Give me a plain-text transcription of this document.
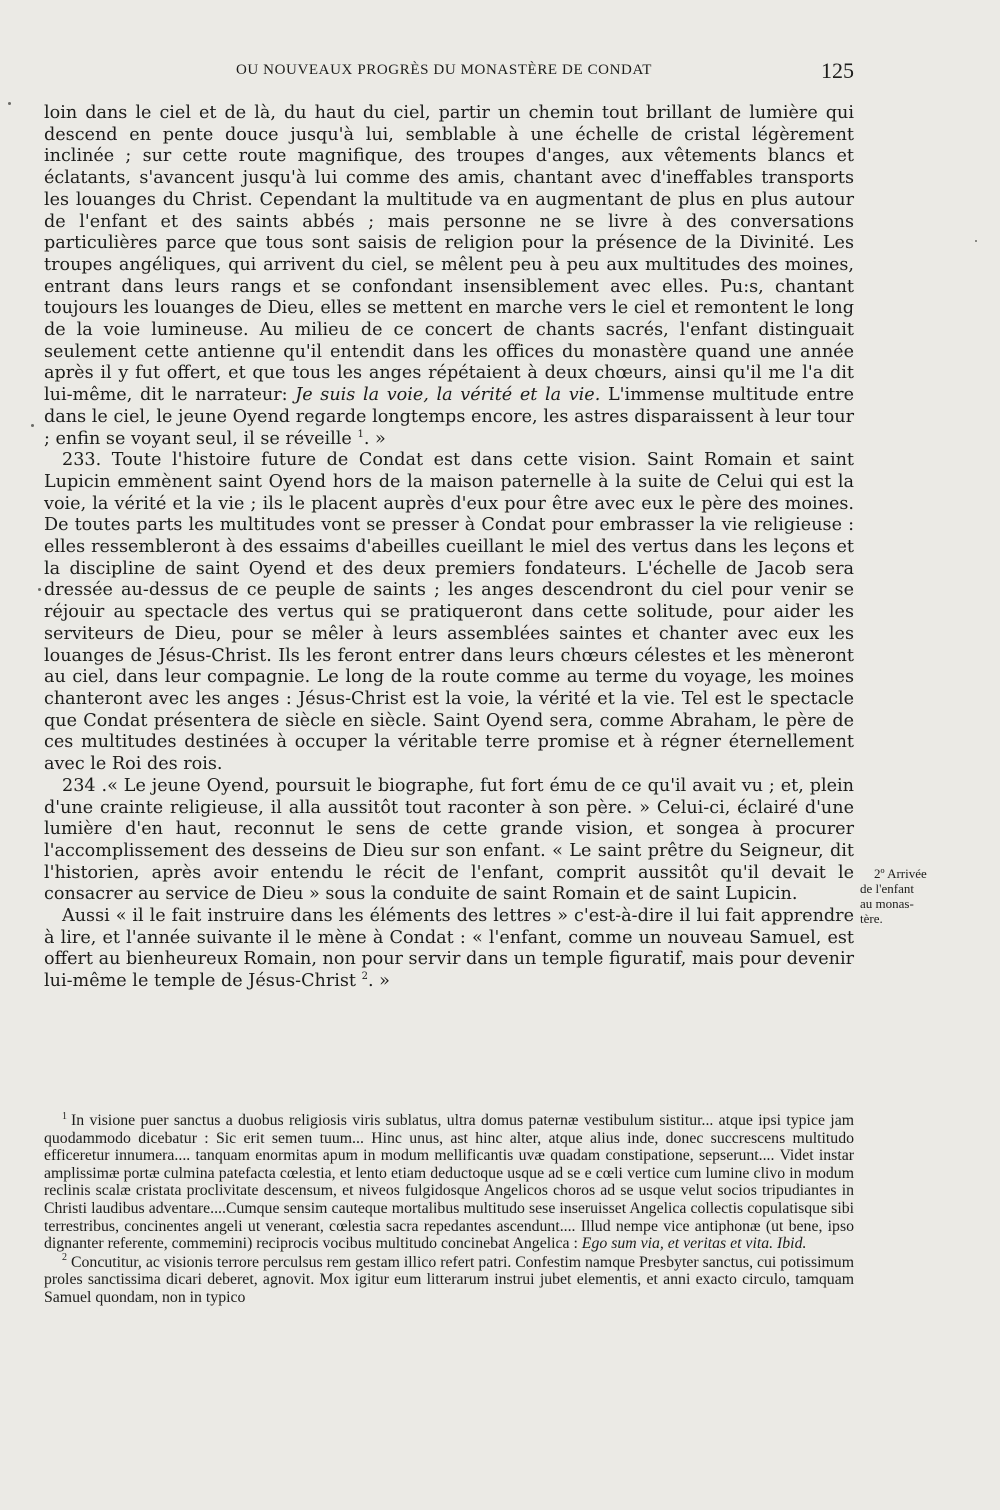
OU NOUVEAUX PROGRÈS DU MONASTÈRE DE CONDAT	125

loin dans le ciel et de là, du haut du ciel, partir un chemin tout brillant de lumière qui descend en pente douce jusqu'à lui, semblable à une échelle de cristal légèrement inclinée ; sur cette route magnifique, des troupes d'anges, aux vêtements blancs et éclatants, s'avancent jusqu'à lui comme des amis, chantant avec d'ineffables transports les louanges du Christ. Cependant la multitude va en augmentant de plus en plus autour de l'enfant et des saints abbés ; mais personne ne se livre à des conversations particulières parce que tous sont saisis de religion pour la présence de la Divinité. Les troupes angéliques, qui arrivent du ciel, se mêlent peu à peu aux multitudes des moines, entrant dans leurs rangs et se confondant insensiblement avec elles. Pu:s, chantant toujours les louanges de Dieu, elles se mettent en marche vers le ciel et remontent le long de la voie lumineuse. Au milieu de ce concert de chants sacrés, l'enfant distinguait seulement cette antienne qu'il entendit dans les offices du monastère quand une année après il y fut offert, et que tous les anges répétaient à deux chœurs, ainsi qu'il me l'a dit lui-même, dit le narrateur: Je suis la voie, la vérité et la vie. L'immense multitude entre dans le ciel, le jeune Oyend regarde longtemps encore, les astres disparaissent à leur tour ; enfin se voyant seul, il se réveille $^1$. »

233. Toute l'histoire future de Condat est dans cette vision. Saint Romain et saint Lupicin emmènent saint Oyend hors de la maison paternelle à la suite de Celui qui est la voie, la vérité et la vie ; ils le placent auprès d'eux pour être avec eux le père des moines. De toutes parts les multitudes vont se presser à Condat pour embrasser la vie religieuse : elles ressembleront à des essaims d'abeilles cueillant le miel des vertus dans les leçons et la discipline de saint Oyend et des deux premiers fondateurs. L'échelle de Jacob sera dressée au-dessus de ce peuple de saints ; les anges descendront du ciel pour venir se réjouir au spectacle des vertus qui se pratiqueront dans cette solitude, pour aider les serviteurs de Dieu, pour se mêler à leurs assemblées saintes et chanter avec eux les louanges de Jésus-Christ. Ils les feront entrer dans leurs chœurs célestes et les mèneront au ciel, dans leur compagnie. Le long de la route comme au terme du voyage, les moines chanteront avec les anges : Jésus-Christ est la voie, la vérité et la vie. Tel est le spectacle que Condat présentera de siècle en siècle. Saint Oyend sera, comme Abraham, le père de ces multitudes destinées à occuper la véritable terre promise et à régner éternellement avec le Roi des rois.

234 .« Le jeune Oyend, poursuit le biographe, fut fort ému de ce qu'il avait vu ; et, plein d'une crainte religieuse, il alla aussitôt tout raconter à son père. » Celui-ci, éclairé d'une lumière d'en haut, reconnut le sens de cette grande vision, et songea à procurer l'accomplissement des desseins de Dieu sur son enfant. « Le saint prêtre du Seigneur, dit l'historien, après avoir entendu le récit de l'enfant, comprit aussitôt qu'il devait le consacrer au service de Dieu » sous la conduite de saint Romain et de saint Lupicin.

Aussi « il le fait instruire dans les éléments des lettres » c'est-à-dire il lui fait apprendre à lire, et l'année suivante il le mène à Condat : « l'enfant, comme un nouveau Samuel, est offert au bienheureux Romain, non pour servir dans un temple figuratif, mais pour devenir lui-même le temple de Jésus-Christ $^2$. »

2º Arrivée
de l'enfant
au monas-
tère.

$^1$ In visione puer sanctus a duobus religiosis viris sublatus, ultra domus paternæ vestibulum sistitur... atque ipsi typice jam quodammodo dicebatur : Sic erit semen tuum... Hinc unus, ast hinc alter, atque alius inde, donec succrescens multitudo efficeretur innumera.... tanquam enormitas apum in modum mellificantis uvæ quadam constipatione, sepserunt.... Videt instar amplissimæ portæ culmina patefacta cœlestia, et lento etiam deductoque usque ad se e cœli vertice cum lumine clivo in modum reclinis scalæ cristata proclivitate descensum, et niveos fulgidosque Angelicos choros ad se usque velut socios tripudiantes in Christi laudibus adventare....Cumque sensim cauteque mortalibus multitudo sese inseruisset Angelica collectis copulatisque sibi terrestribus, concinentes angeli ut venerant, cœlestia sacra repedantes ascendunt.... Illud nempe vice antiphonæ (ut bene, ipso dignanter referente, commemini) reciprocis vocibus multitudo concinebat Angelica : Ego sum via, et veritas et vita. Ibid.

$^2$ Concutitur, ac visionis terrore perculsus rem gestam illico refert patri. Confestim namque Presbyter sanctus, cui potissimum proles sanctissima dicari deberet, agnovit. Mox igitur eum litterarum instrui jubet elementis, et anni exacto circulo, tamquam Samuel quondam, non in typico
